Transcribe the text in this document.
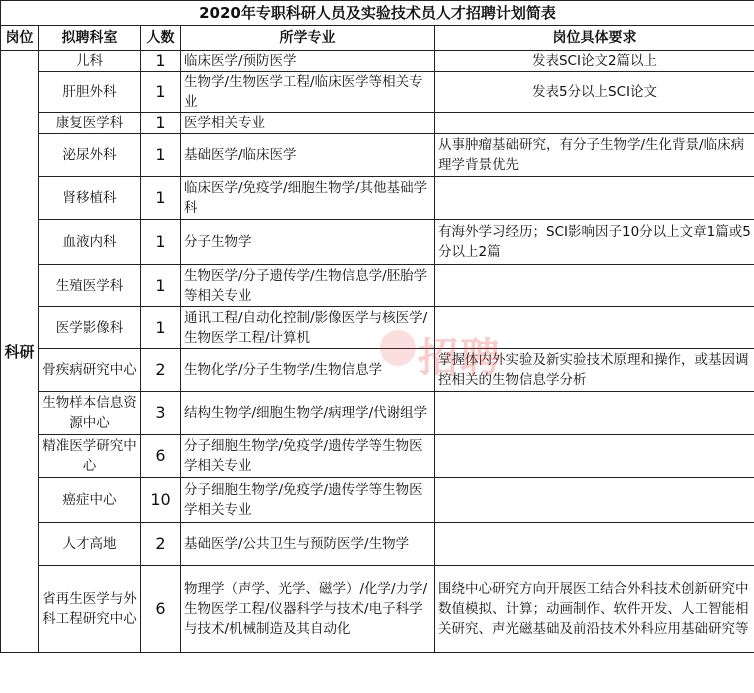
2020年专职科研人员及实验技术员人才招聘计划简表				
岗位	拟聘科室	人数	所学专业	岗位具体要求
科研	儿科	1	临床医学/预防医学	发表SCI论文2篇以上
	肝胆外科	1	生物学/生物医学工程/临床医学等相关专业	发表5分以上SCI论文
	康复医学科	1	医学相关专业	
	泌尿外科	1	基础医学/临床医学	从事肿瘤基础研究，有分子生物学/生化背景/临床病理学背景优先
	肾移植科	1	临床医学/免疫学/细胞生物学/其他基础学科	
	血液内科	1	分子生物学	有海外学习经历；SCI影响因子10分以上文章1篇或5分以上2篇
	生殖医学科	1	生物医学/分子遗传学/生物信息学/胚胎学等相关专业	
	医学影像科	1	通讯工程/自动化控制/影像医学与核医学/生物医学工程/计算机	
	骨疾病研究中心	2	生物化学/分子生物学/生物信息学	掌握体内外实验及新实验技术原理和操作，或基因调控相关的生物信息学分析
	生物样本信息资源中心	3	结构生物学/细胞生物学/病理学/代谢组学	
	精准医学研究中心	6	分子细胞生物学/免疫学/遗传学等生物医学相关专业	
	癌症中心	10	分子细胞生物学/免疫学/遗传学等生物医学相关专业	
	人才高地	2	基础医学/公共卫生与预防医学/生物学	
	省再生医学与外科工程研究中心	6	物理学（声学、光学、磁学）/化学/力学/生物医学工程/仪器科学与技术/电子科学与技术/机械制造及其自动化	围绕中心研究方向开展医工结合外科技术创新研究中数值模拟、计算；动画制作、软件开发、人工智能相关研究、声光磁基础及前沿技术外科应用基础研究等
招聘
